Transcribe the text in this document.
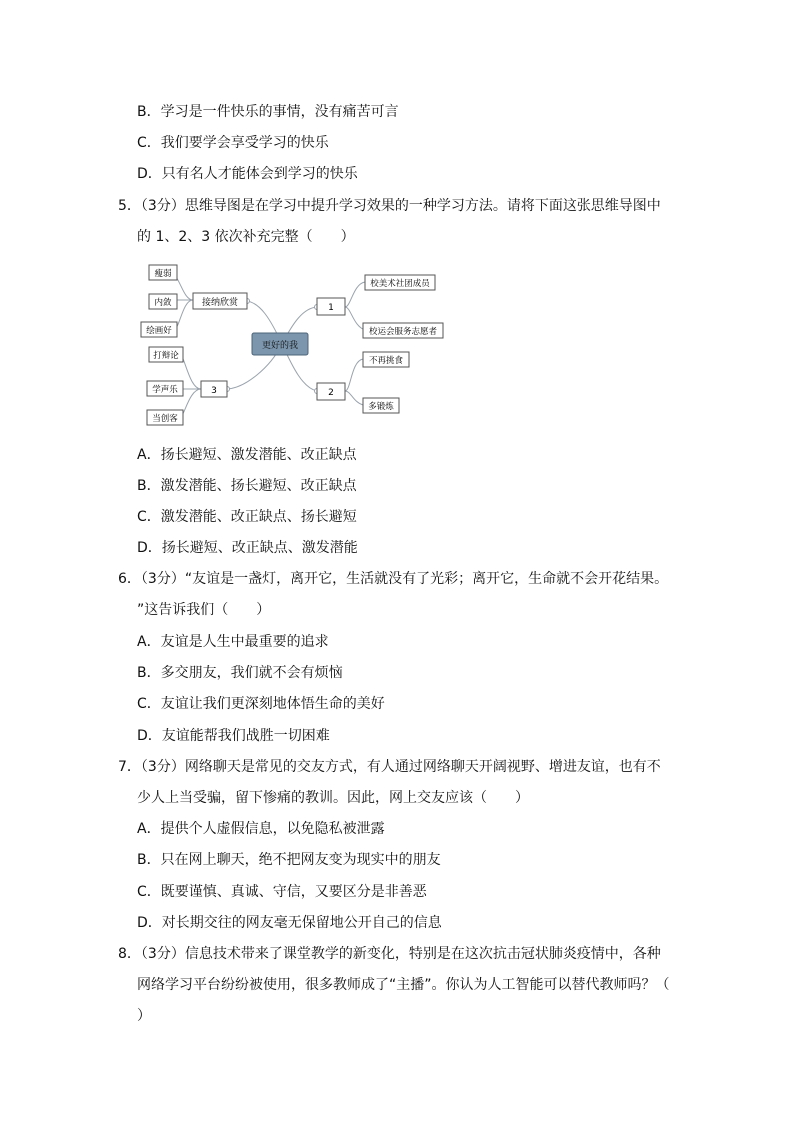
B．学习是一件快乐的事情，没有痛苦可言
C．我们要学会享受学习的快乐
D．只有名人才能体会到学习的快乐
5．（3分）思维导图是在学习中提升学习效果的一种学习方法。请将下面这张思维导图中
的 1、2、3 依次补充完整（　　）
更好的我
接纳欣赏
瘦弱
内敛
绘画好
3
打辩论
学声乐
当创客
1
校美术社团成员
校运会服务志愿者
2
不再挑食
多锻炼
A．扬长避短、激发潜能、改正缺点
B．激发潜能、扬长避短、改正缺点
C．激发潜能、改正缺点、扬长避短
D．扬长避短、改正缺点、激发潜能
6．（3分）“友谊是一盏灯，离开它，生活就没有了光彩；离开它，生命就不会开花结果。
”这告诉我们（　　）
A．友谊是人生中最重要的追求
B．多交朋友，我们就不会有烦恼
C．友谊让我们更深刻地体悟生命的美好
D．友谊能帮我们战胜一切困难
7．（3分）网络聊天是常见的交友方式，有人通过网络聊天开阔视野、增进友谊，也有不
少人上当受骗，留下惨痛的教训。因此，网上交友应该（　　）
A．提供个人虚假信息，以免隐私被泄露
B．只在网上聊天，绝不把网友变为现实中的朋友
C．既要谨慎、真诚、守信，又要区分是非善恶
D．对长期交往的网友毫无保留地公开自己的信息
8．（3分）信息技术带来了课堂教学的新变化，特别是在这次抗击冠状肺炎疫情中，各种
网络学习平台纷纷被使用，很多教师成了“主播”。你认为人工智能可以替代教师吗？（
）
